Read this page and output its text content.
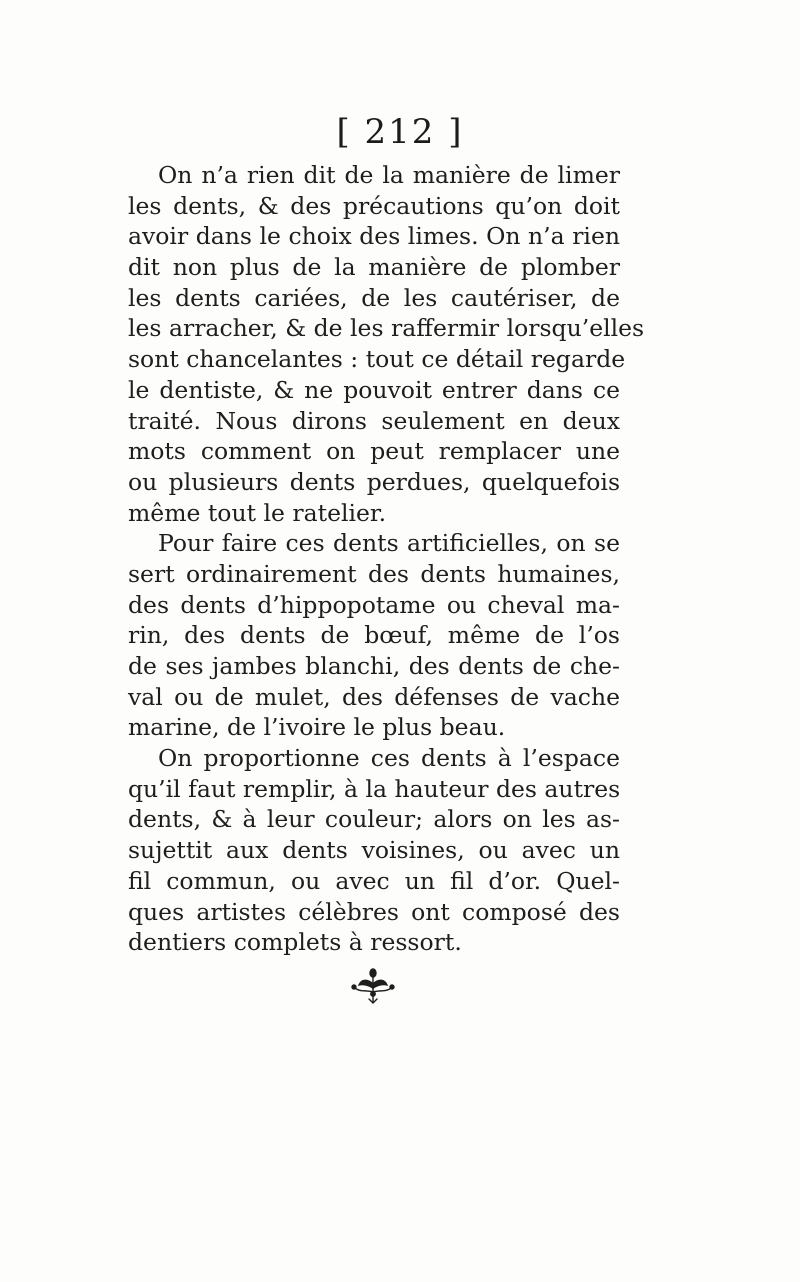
[ 212 ]
On n’a rien dit de la manière de limer
les dents, & des précautions qu’on doit
avoir dans le choix des limes. On n’a rien
dit non plus de la manière de plomber
les dents cariées, de les cautériser, de
les arracher, & de les raffermir lorsqu’elles
sont chancelantes : tout ce détail regarde
le dentiste, & ne pouvoit entrer dans ce
traité. Nous dirons seulement en deux
mots comment on peut remplacer une
ou plusieurs dents perdues, quelquefois
même tout le ratelier.
Pour faire ces dents artificielles, on se
sert ordinairement des dents humaines,
des dents d’hippopotame ou cheval ma-
rin, des dents de bœuf, même de l’os
de ses jambes blanchi, des dents de che-
val ou de mulet, des défenses de vache
marine, de l’ivoire le plus beau.
On proportionne ces dents à l’espace
qu’il faut remplir, à la hauteur des autres
dents, & à leur couleur; alors on les as-
sujettit aux dents voisines, ou avec un
fil commun, ou avec un fil d’or. Quel-
ques artistes célèbres ont composé des
dentiers complets à ressort.
